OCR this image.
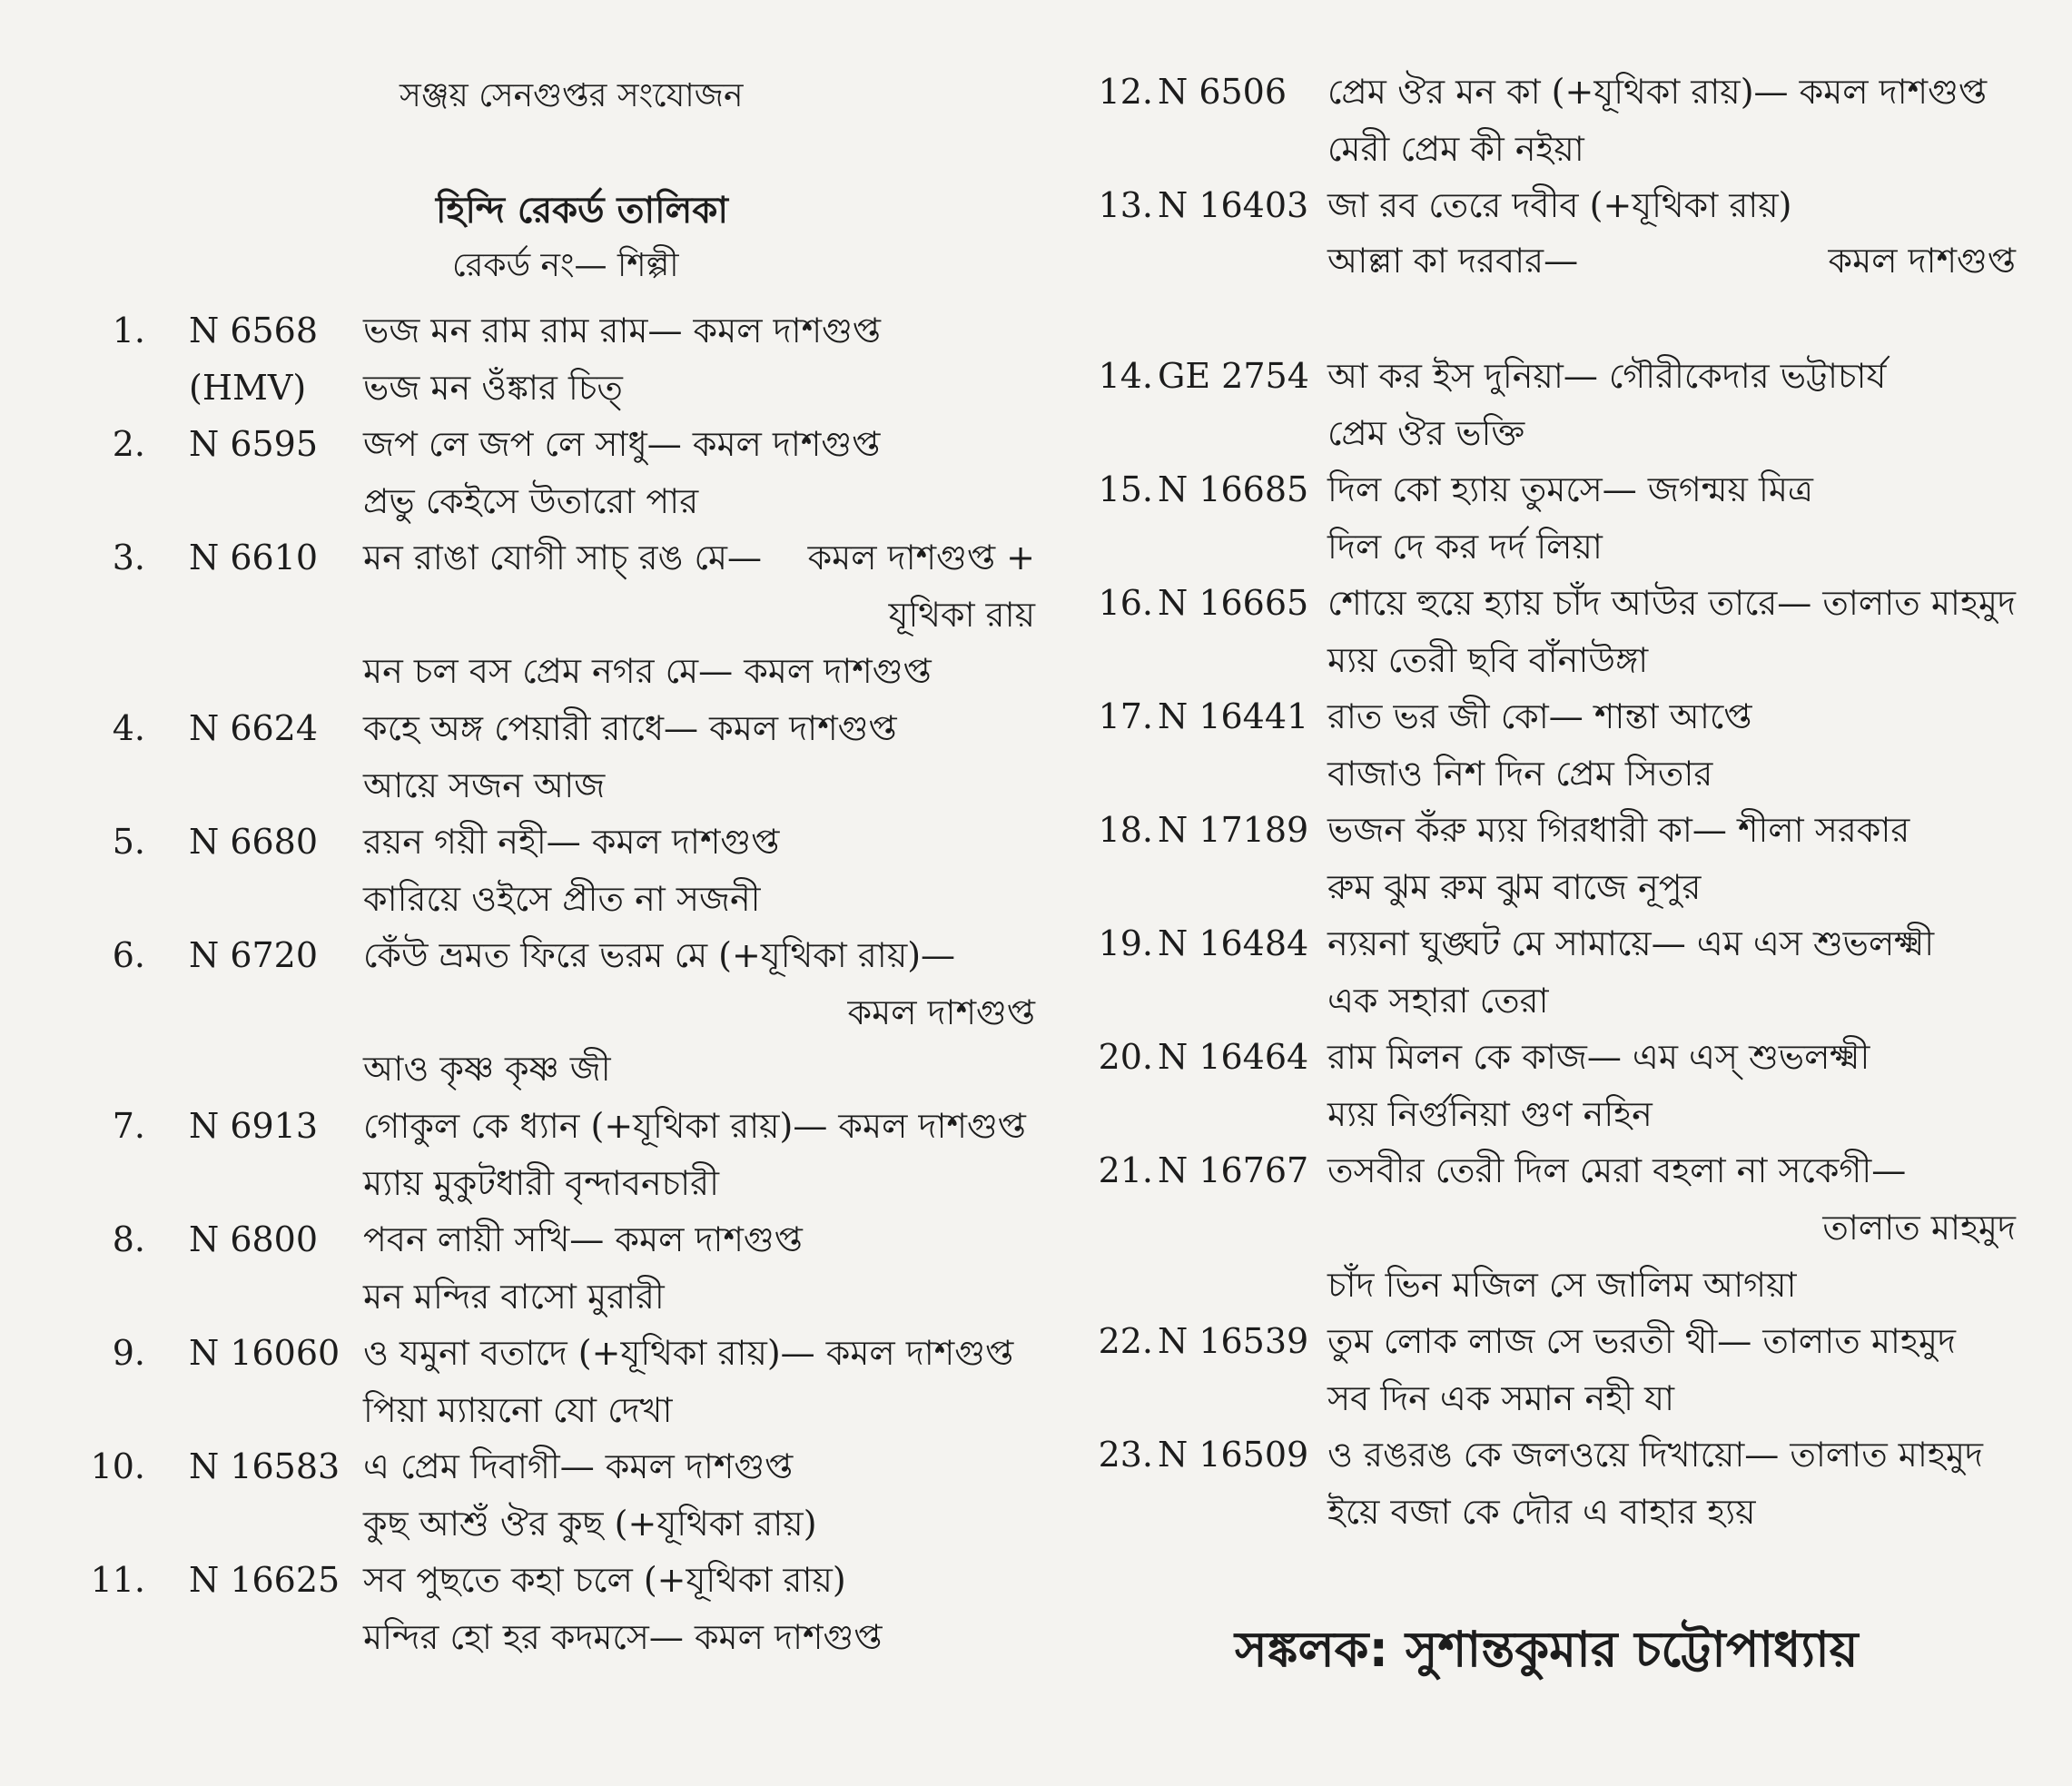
সঞ্জয় সেনগুপ্তর সংযোজন
হিন্দি রেকর্ড তালিকা
রেকর্ড নং— শিল্পী
1. N 6568
(HMV)
ভজ মন রাম রাম রাম— কমল দাশগুপ্ত
ভজ মন ওঁঙ্কার চিত্
2. N 6595 জপ লে জপ লে সাধু— কমল দাশগুপ্ত
প্রভু কেইসে উতারো পার
3. N 6610 মন রাঙা যোগী সাচ্ রঙ মে—	কমল দাশগুপ্ত +
যূথিকা রায়
মন চল বস প্রেম নগর মে— কমল দাশগুপ্ত
4. N 6624 কহে অঙ্গ পেয়ারী রাধে— কমল দাশগুপ্ত
আয়ে সজন আজ
5. N 6680 রয়ন গয়ী নহী— কমল দাশগুপ্ত
কারিয়ে ওইসে প্রীত না সজনী
6. N 6720 কেঁউ ভ্রমত ফিরে ভরম মে (+যূথিকা রায়)—
কমল দাশগুপ্ত
আও কৃষ্ণ কৃষ্ণ জী
7. N 6913 গোকুল কে ধ্যান (+যূথিকা রায়)— কমল দাশগুপ্ত
ম্যায় মুকুটধারী বৃন্দাবনচারী
8. N 6800 পবন লায়ী সখি— কমল দাশগুপ্ত
মন মন্দির বাসো মুরারী
9. N 16060 ও যমুনা বতাদে (+যূথিকা রায়)— কমল দাশগুপ্ত
পিয়া ম্যায়নো যো দেখা
10. N 16583 এ প্রেম দিবাগী— কমল দাশগুপ্ত
কুছ আশুঁ ঔর কুছ (+যূথিকা রায়)
11. N 16625 সব পুছতে কহা চলে (+যূথিকা রায়)
মন্দির হো হর কদমসে— কমল দাশগুপ্ত
12. N 6506 প্রেম ঔর মন কা (+যূথিকা রায়)— কমল দাশগুপ্ত
মেরী প্রেম কী নইয়া
13. N 16403 জা রব তেরে দবীব (+যূথিকা রায়)
আল্লা কা দরবার—	কমল দাশগুপ্ত
14. GE 2754 আ কর ইস দুনিয়া— গৌরীকেদার ভট্টাচার্য
প্রেম ঔর ভক্তি
15. N 16685 দিল কো হ্যায় তুমসে— জগন্ময় মিত্র
দিল দে কর দর্দ লিয়া
16. N 16665 শোয়ে হুয়ে হ্যায় চাঁদ আউর তারে— তালাত মাহমুদ
ম্যয় তেরী ছবি বাঁনাউঙ্গা
17. N 16441 রাত ভর জী কো— শান্তা আপ্তে
বাজাও নিশ দিন প্রেম সিতার
18. N 17189 ভজন কঁরু ম্যয় গিরধারী কা— শীলা সরকার
রুম ঝুম রুম ঝুম বাজে নূপুর
19. N 16484 ন্যয়না ঘুঙ্ঘট মে সামায়ে— এম এস শুভলক্ষ্মী
এক সহারা তেরা
20. N 16464 রাম মিলন কে কাজ— এম এস্ শুভলক্ষ্মী
ম্যয় নির্গুনিয়া গুণ নহিন
21. N 16767 তসবীর তেরী দিল মেরা বহলা না সকেগী—
তালাত মাহমুদ
চাঁদ ভিন মজিল সে জালিম আগয়া
22. N 16539 তুম লোক লাজ সে ভরতী থী— তালাত মাহমুদ
সব দিন এক সমান নহী যা
23. N 16509 ও রঙরঙ কে জলওয়ে দিখায়ো— তালাত মাহমুদ
ইয়ে বজা কে দৌর এ বাহার হ্যয়
সঙ্কলক: সুশান্তকুমার চট্টোপাধ্যায়
